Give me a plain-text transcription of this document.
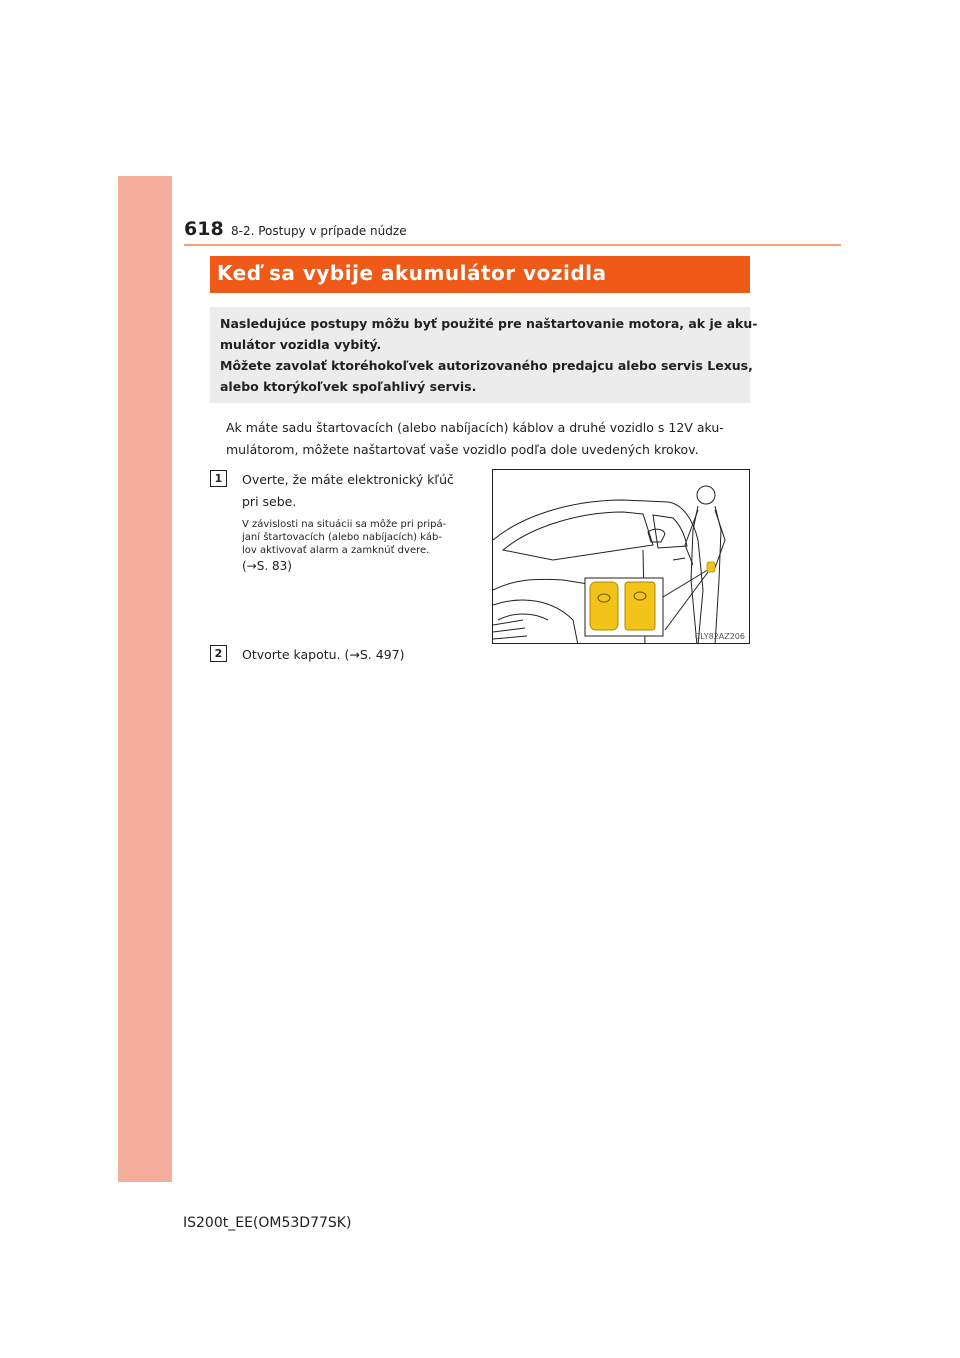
618 8-2. Postupy v prípade núdze
Keď sa vybije akumulátor vozidla
Nasledujúce postupy môžu byť použité pre naštartovanie motora, ak je aku-
mulátor vozidla vybitý.
Môžete zavolať ktoréhokoľvek autorizovaného predajcu alebo servis Lexus,
alebo ktorýkoľvek spoľahlivý servis.
Ak máte sadu štartovacích (alebo nabíjacích) káblov a druhé vozidlo s 12V aku-
mulátorom, môžete naštartovať vaše vozidlo podľa dole uvedených krokov.
1	Overte, že máte elektronický kľúč
pri sebe.
V závislosti na situácii sa môže pri pripá-
janí štartovacích (alebo nabíjacích) káb-
lov aktivovať alarm a zamknúť dvere.
(→S. 83)
CLY82AZ206
2	Otvorte kapotu. (→S. 497)
IS200t_EE(OM53D77SK)
